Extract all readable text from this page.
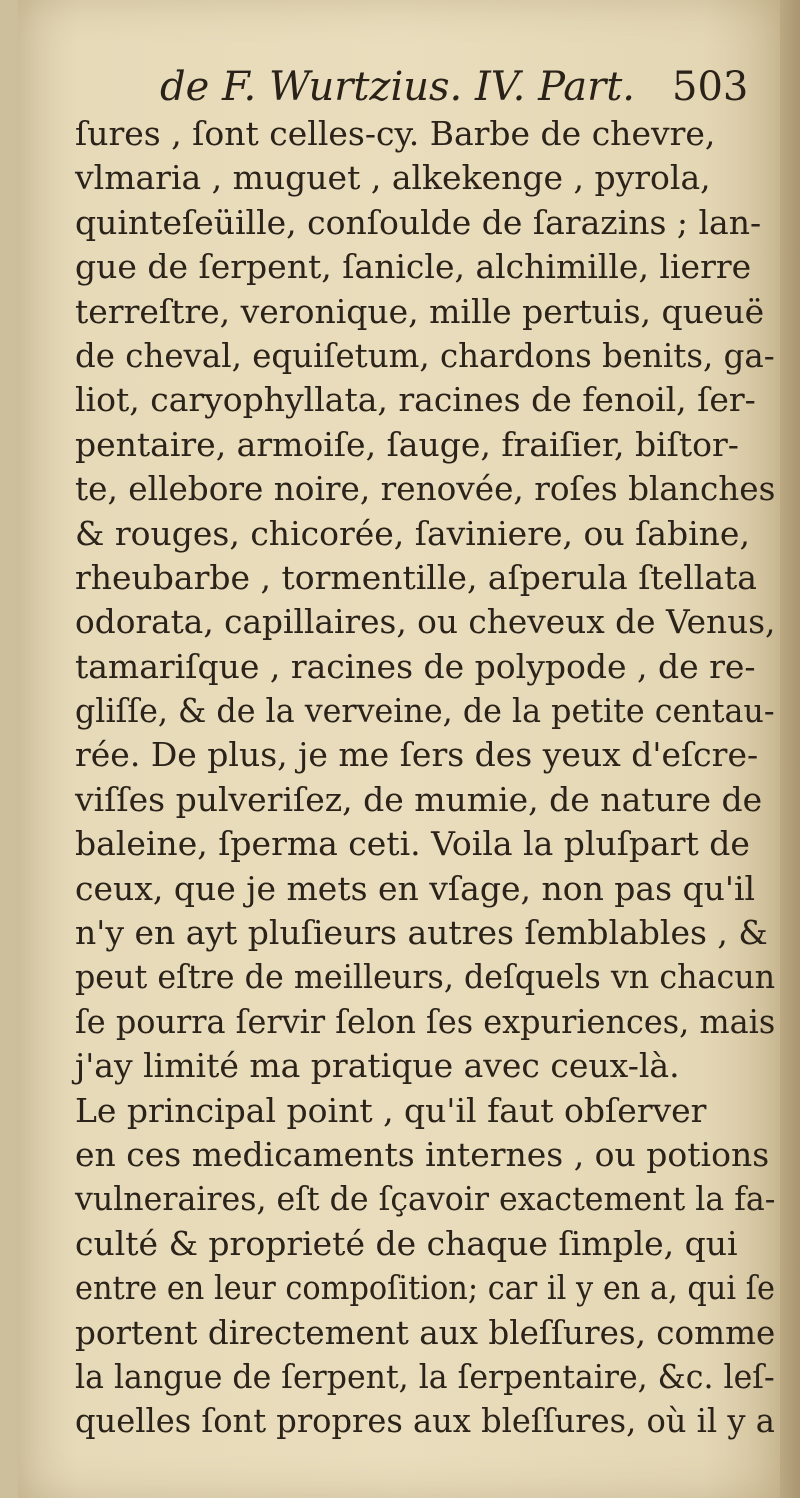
de F. Wurtzius. IV. Part. 503
ſures , ſont celles-cy. Barbe de chevre,
vlmaria , muguet , alkekenge , pyrola,
quinteſeüille, conſoulde de ſarazins ; lan-
gue de ſerpent, ſanicle, alchimille, lierre
terreſtre, veronique, mille pertuis, queuë
de cheval, equiſetum, chardons benits, ga-
liot, caryophyllata, racines de fenoil, ſer-
pentaire, armoiſe, ſauge, fraiſier, biſtor-
te, ellebore noire, renovée, roſes blanches
& rouges, chicorée, ſaviniere, ou ſabine,
rheubarbe , tormentille, aſperula ſtellata
odorata, capillaires, ou cheveux de Venus,
tamariſque , racines de polypode , de re-
gliſſe, & de la verveine, de la petite centau-
rée. De plus, je me ſers des yeux d'eſcre-
viſſes pulveriſez, de mumie, de nature de
baleine, ſperma ceti. Voila la pluſpart de
ceux, que je mets en vſage, non pas qu'il
n'y en ayt pluſieurs autres ſemblables , &
peut eſtre de meilleurs, deſquels vn chacun
ſe pourra ſervir ſelon ſes expuriences, mais
j'ay limité ma pratique avec ceux-là.
Le principal point , qu'il faut obſerver
en ces medicaments internes , ou potions
vulneraires, eſt de ſçavoir exactement la fa-
culté & proprieté de chaque ſimple, qui
entre en leur compoſition; car il y en a, qui ſe
portent directement aux bleſſures, comme
la langue de ſerpent, la ſerpentaire, &c. leſ-
quelles ſont propres aux bleſſures, où il y a
